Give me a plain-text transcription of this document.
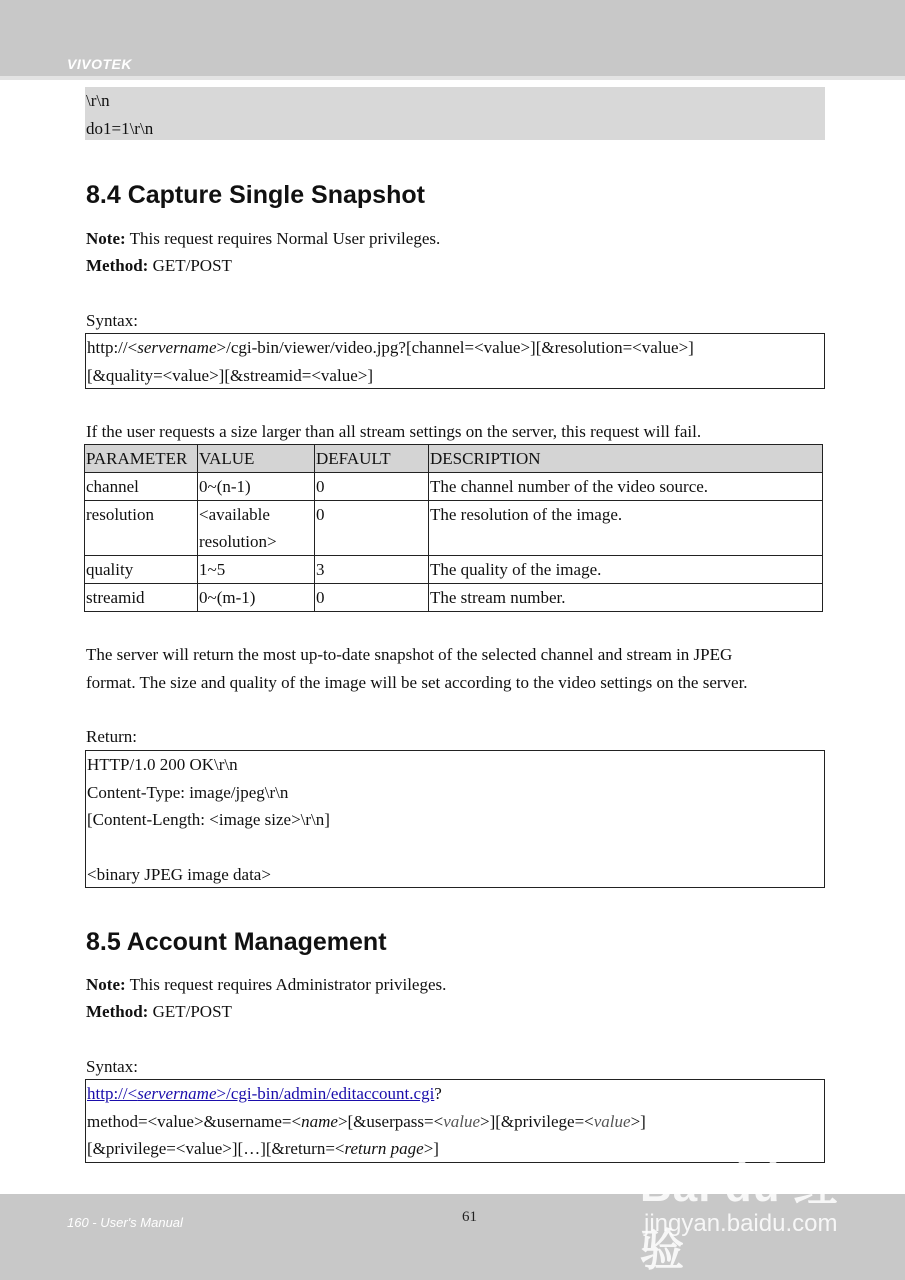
VIVOTEK
\r\n
do1=1\r\n
8.4 Capture Single Snapshot
Note: This request requires Normal User privileges.
Method: GET/POST
Syntax:
http://<servername>/cgi-bin/viewer/video.jpg?[channel=<value>][&resolution=<value>]
[&quality=<value>][&streamid=<value>]
If the user requests a size larger than all stream settings on the server, this request will fail.
PARAMETER	VALUE	DEFAULT	DESCRIPTION
channel	0~(n-1)	0	The channel number of the video source.
resolution	<available resolution>	0	The resolution of the image.
quality	1~5	3	The quality of the image.
streamid	0~(m-1)	0	The stream number.
The server will return the most up-to-date snapshot of the selected channel and stream in JPEG
format. The size and quality of the image will be set according to the video settings on the server.
Return:
HTTP/1.0 200 OK\r\n
Content-Type: image/jpeg\r\n
[Content-Length: <image size>\r\n]
<binary JPEG image data>
8.5 Account Management
Note: This request requires Administrator privileges.
Method: GET/POST
Syntax:
http://<servername>/cgi-bin/admin/editaccount.cgi?
method=<value>&username=<name>[&userpass=<value>][&privilege=<value>]
[&privilege=<value>][…][&return=<return page>]
160 - User's Manual	61
Bai du 经验
jingyan.baidu.com
